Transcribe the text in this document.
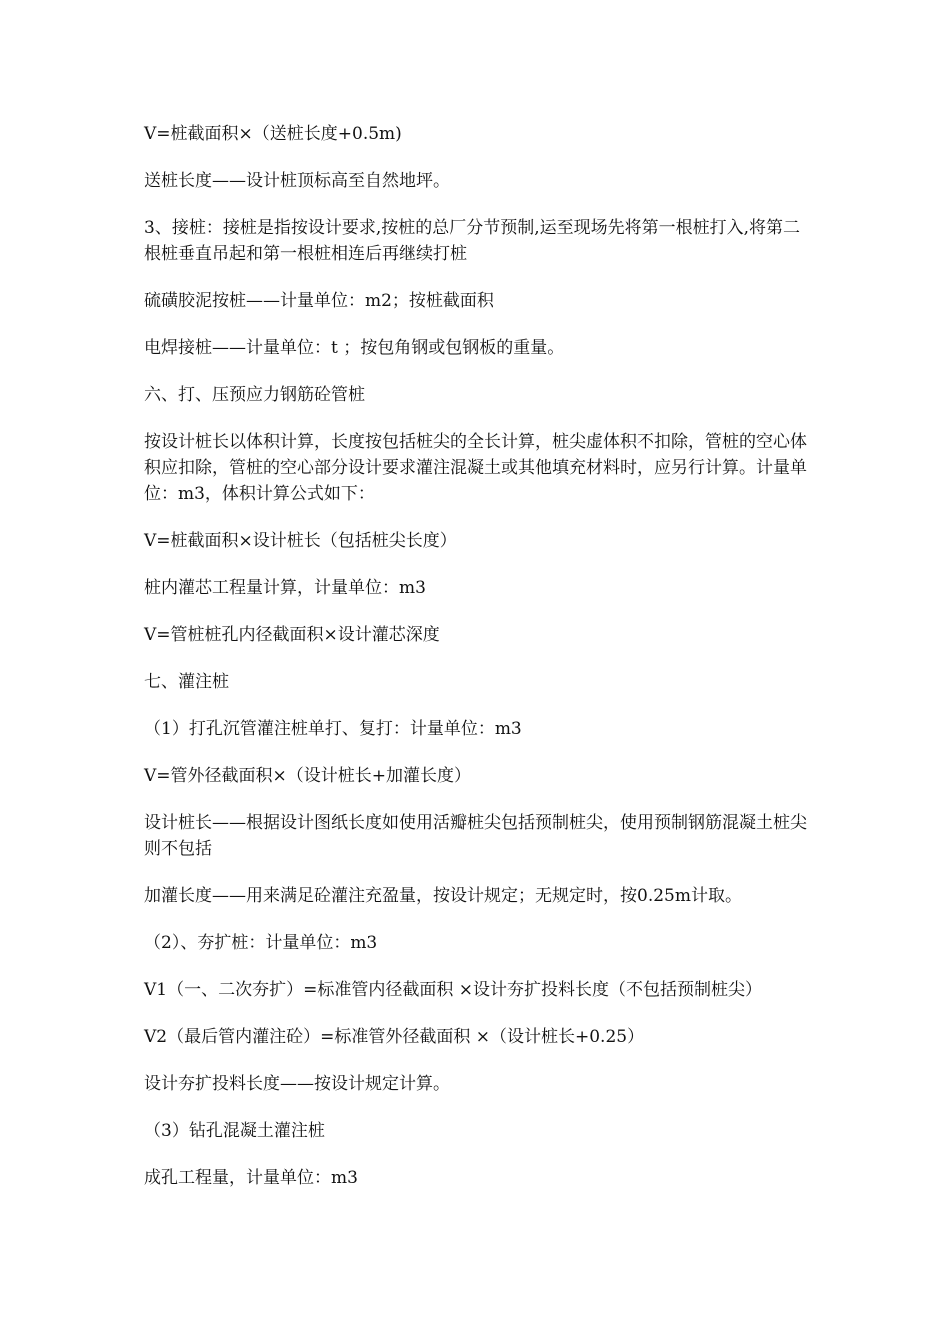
V=桩截面积×（送桩长度+0.5m)

送桩长度——设计桩顶标高至自然地坪。

3、接桩：接桩是指按设计要求,按桩的总厂分节预制,运至现场先将第一根桩打入,将第二根桩垂直吊起和第一根桩相连后再继续打桩

硫磺胶泥按桩——计量单位：m2；按桩截面积

电焊接桩——计量单位：t ；按包角钢或包钢板的重量。

六、打、压预应力钢筋砼管桩

按设计桩长以体积计算，长度按包括桩尖的全长计算，桩尖虚体积不扣除，管桩的空心体积应扣除，管桩的空心部分设计要求灌注混凝土或其他填充材料时，应另行计算。计量单位：m3，体积计算公式如下：

V=桩截面积×设计桩长（包括桩尖长度）

桩内灌芯工程量计算，计量单位：m3

V=管桩桩孔内径截面积×设计灌芯深度

七、灌注桩

（1）打孔沉管灌注桩单打、复打：计量单位：m3

V=管外径截面积×（设计桩长+加灌长度）

设计桩长——根据设计图纸长度如使用活瓣桩尖包括预制桩尖，使用预制钢筋混凝土桩尖则不包括

加灌长度——用来满足砼灌注充盈量，按设计规定；无规定时，按0.25m计取。

（2）、夯扩桩：计量单位：m3

V1（一、二次夯扩）=标准管内径截面积 ×设计夯扩投料长度（不包括预制桩尖）

V2（最后管内灌注砼）=标准管外径截面积 ×（设计桩长+0.25）

设计夯扩投料长度——按设计规定计算。

（3）钻孔混凝土灌注桩

成孔工程量，计量单位：m3
